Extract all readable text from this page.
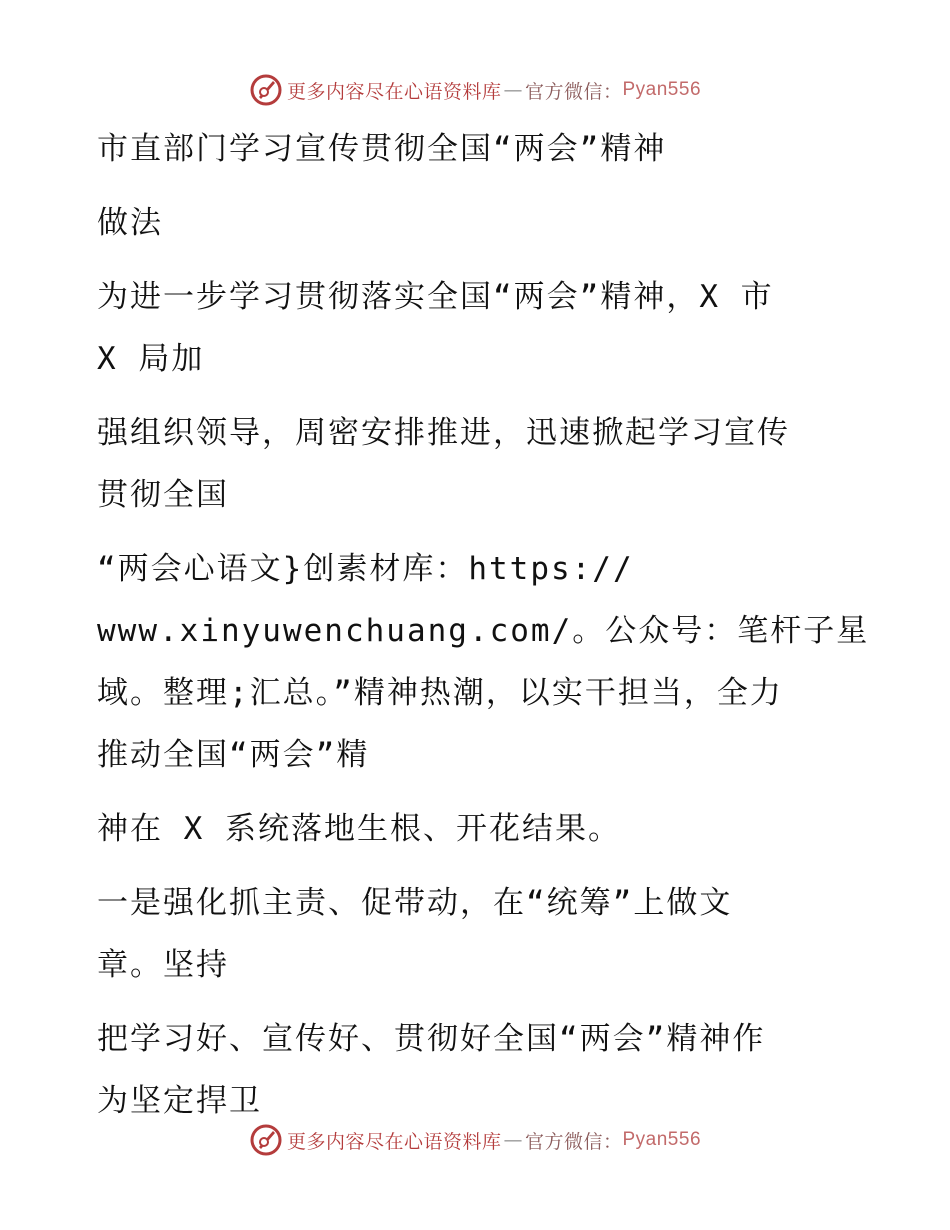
更多内容尽在心语资料库 — 官方微信： Pyan556
市直部门学习宣传贯彻全国“两会”精神
做法
为进一步学习贯彻落实全国“两会”精神，X 市
X 局加
强组织领导，周密安排推进，迅速掀起学习宣传
贯彻全国
“两会心语文}创素材库：https://
www.xinyuwenchuang.com/。公众号：笔杆子星
域。整理;汇总。”精神热潮，以实干担当，全力
推动全国“两会”精
神在 X 系统落地生根、开花结果。
一是强化抓主责、促带动，在“统筹”上做文
章。坚持
把学习好、宣传好、贯彻好全国“两会”精神作
为坚定捍卫
更多内容尽在心语资料库 — 官方微信： Pyan556
